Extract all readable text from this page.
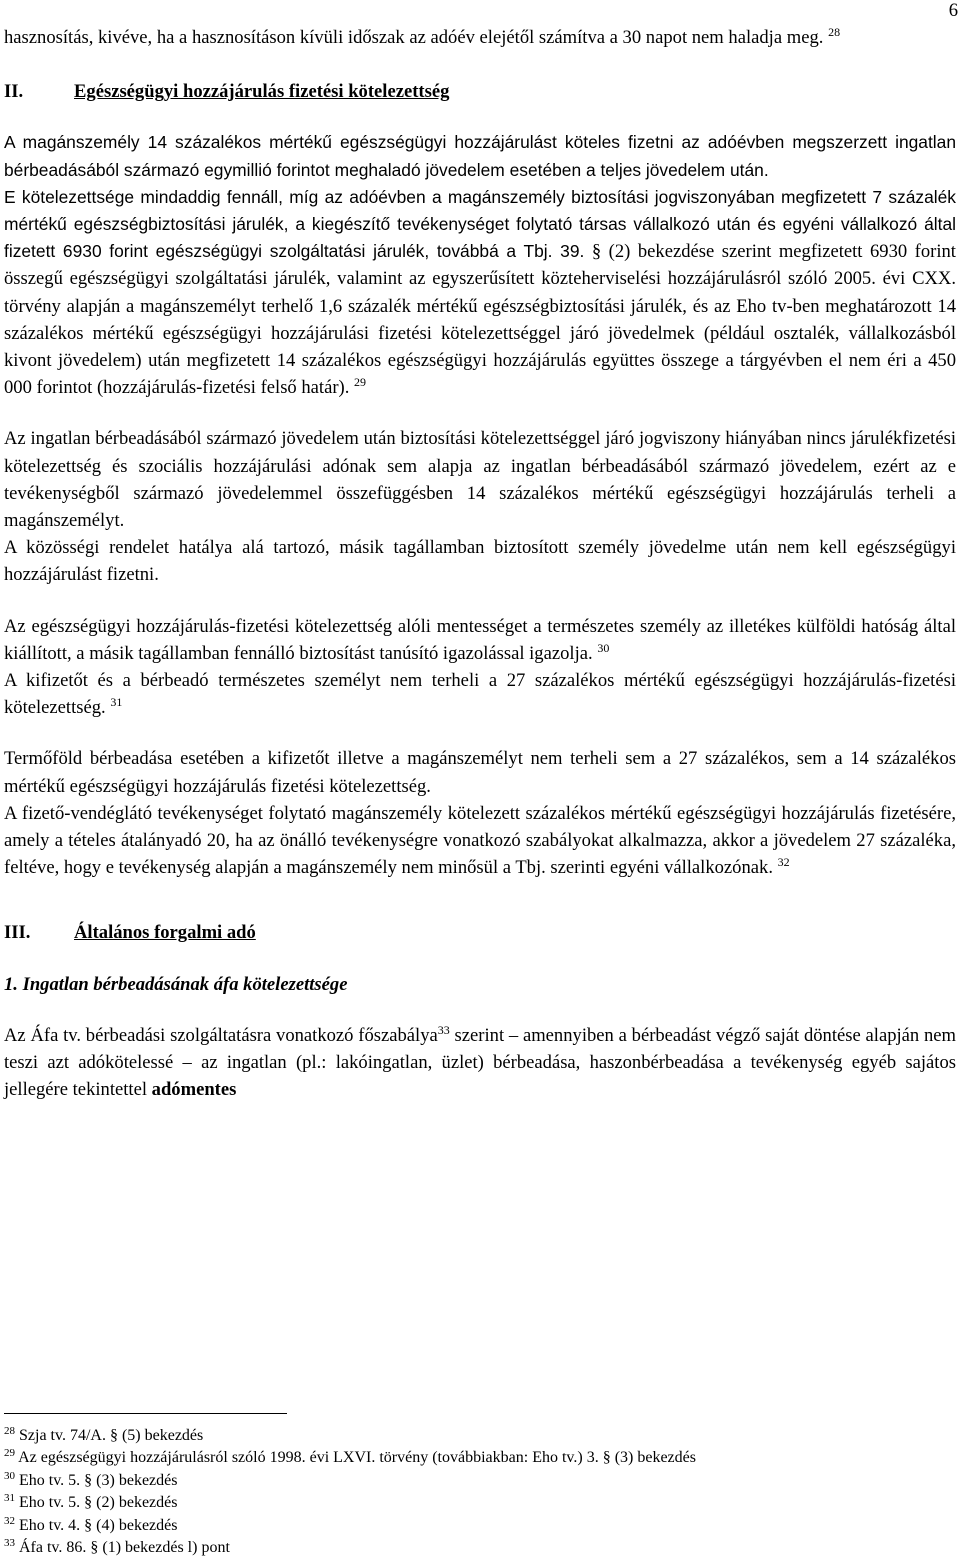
6

hasznosítás, kivéve, ha a hasznosításon kívüli időszak az adóév elejétől számítva a 30 napot nem haladja meg. $^{28}$

II.	Egészségügyi hozzájárulás fizetési kötelezettség

A magánszemély 14 százalékos mértékű egészségügyi hozzájárulást köteles fizetni az adóévben megszerzett ingatlan bérbeadásából származó egymillió forintot meghaladó jövedelem esetében a teljes jövedelem után.

E kötelezettsége mindaddig fennáll, míg az adóévben a magánszemély biztosítási jogviszonyában megfizetett 7 százalék mértékű egészségbiztosítási járulék, a kiegészítő tevékenységet folytató társas vállalkozó után és egyéni vállalkozó által fizetett 6930 forint egészségügyi szolgáltatási járulék, továbbá a Tbj. 39. § (2) bekezdése szerint megfizetett 6930 forint összegű egészségügyi szolgáltatási járulék, valamint az egyszerűsített közteherviselési hozzájárulásról szóló 2005. évi CXX. törvény alapján a magánszemélyt terhelő 1,6 százalék mértékű egészségbiztosítási járulék, és az Eho tv-ben meghatározott 14 százalékos mértékű egészségügyi hozzájárulási fizetési kötelezettséggel járó jövedelmek (például osztalék, vállalkozásból kivont jövedelem) után megfizetett 14 százalékos egészségügyi hozzájárulás együttes összege a tárgyévben el nem éri a 450 000 forintot (hozzájárulás-fizetési felső határ). $^{29}$

Az ingatlan bérbeadásából származó jövedelem után biztosítási kötelezettséggel járó jogviszony hiányában nincs járulékfizetési kötelezettség és szociális hozzájárulási adónak sem alapja az ingatlan bérbeadásából származó jövedelem, ezért az e tevékenységből származó jövedelemmel összefüggésben 14 százalékos mértékű egészségügyi hozzájárulás terheli a magánszemélyt.

A közösségi rendelet hatálya alá tartozó, másik tagállamban biztosított személy jövedelme után nem kell egészségügyi hozzájárulást fizetni.

Az egészségügyi hozzájárulás-fizetési kötelezettség alóli mentességet a természetes személy az illetékes külföldi hatóság által kiállított, a másik tagállamban fennálló biztosítást tanúsító igazolással igazolja. $^{30}$

A kifizetőt és a bérbeadó természetes személyt nem terheli a 27 százalékos mértékű egészségügyi hozzájárulás-fizetési kötelezettség. $^{31}$

Termőföld bérbeadása esetében a kifizetőt illetve a magánszemélyt nem terheli sem a 27 százalékos, sem a 14 százalékos mértékű egészségügyi hozzájárulás fizetési kötelezettség.

A fizető-vendéglátó tevékenységet folytató magánszemély kötelezett százalékos mértékű egészségügyi hozzájárulás fizetésére, amely a tételes átalányadó 20, ha az önálló tevékenységre vonatkozó szabályokat alkalmazza, akkor a jövedelem 27 százaléka, feltéve, hogy e tevékenység alapján a magánszemély nem minősül a Tbj. szerinti egyéni vállalkozónak. $^{32}$

III. Általános forgalmi adó
1. Ingatlan bérbeadásának áfa kötelezettsége

Az Áfa tv. bérbeadási szolgáltatásra vonatkozó főszabálya$^{33}$ szerint – amennyiben a bérbeadást végző saját döntése alapján nem teszi azt adókötelessé – az ingatlan (pl.: lakóingatlan, üzlet) bérbeadása, haszonbérbeadása a tevékenység egyéb sajátos jellegére tekintettel adómentes

$^{28}$ Szja tv. 74/A. § (5) bekezdés
$^{29}$ Az egészségügyi hozzájárulásról szóló 1998. évi LXVI. törvény (továbbiakban: Eho tv.) 3. § (3) bekezdés
$^{30}$ Eho tv. 5. § (3) bekezdés
$^{31}$ Eho tv. 5. § (2) bekezdés
$^{32}$ Eho tv. 4. § (4) bekezdés
$^{33}$ Áfa tv. 86. § (1) bekezdés l) pont
